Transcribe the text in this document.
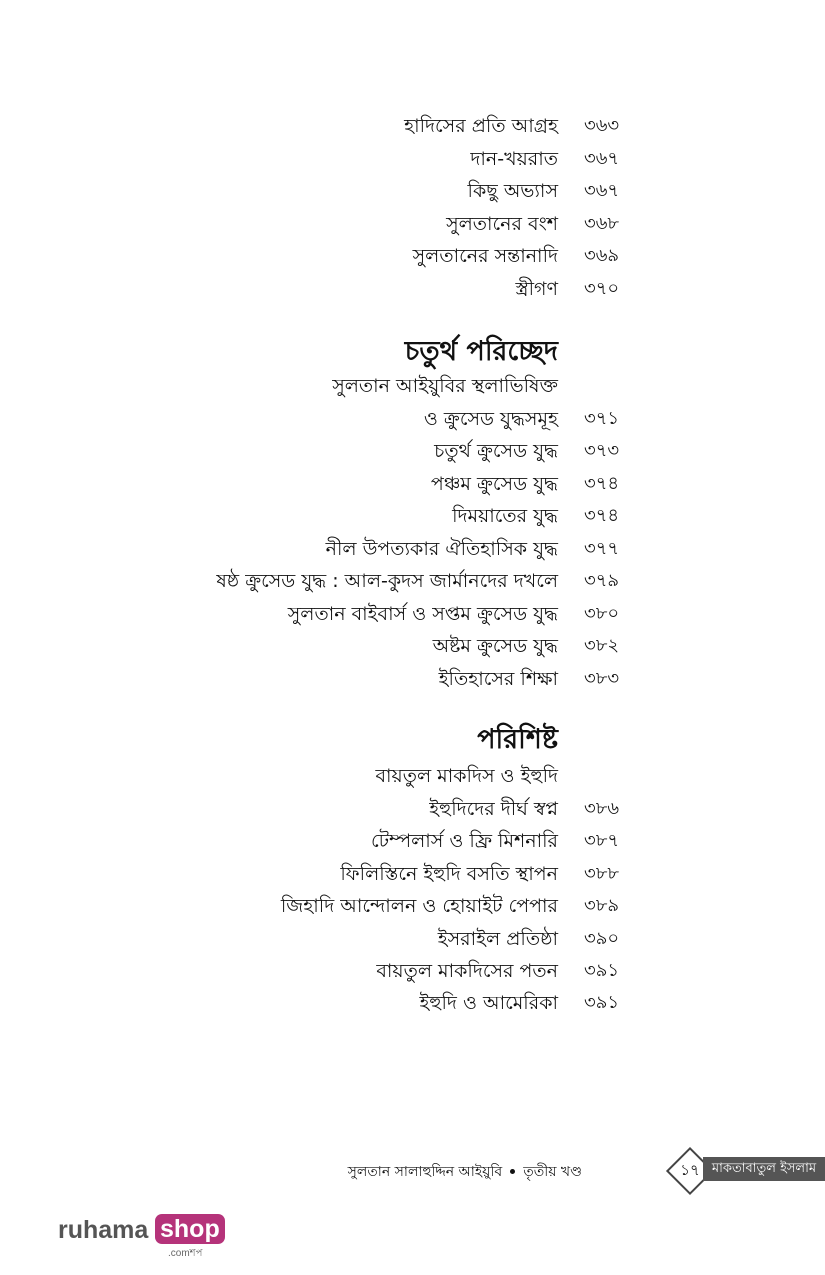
হাদিসের প্রতি আগ্রহ ৩৬৩
দান-খয়রাত ৩৬৭
কিছু অভ্যাস ৩৬৭
সুলতানের বংশ ৩৬৮
সুলতানের সন্তানাদি ৩৬৯
স্ত্রীগণ ৩৭০
চতুর্থ পরিচ্ছেদ
সুলতান আইয়ুবির স্থলাভিষিক্ত
ও ক্রুসেড যুদ্ধসমূহ ৩৭১
চতুর্থ ক্রুসেড যুদ্ধ ৩৭৩
পঞ্চম ক্রুসেড যুদ্ধ ৩৭৪
দিময়াতের যুদ্ধ ৩৭৪
নীল উপত্যকার ঐতিহাসিক যুদ্ধ ৩৭৭
ষষ্ঠ ক্রুসেড যুদ্ধ : আল-কুদস জার্মানদের দখলে ৩৭৯
সুলতান বাইবার্স ও সপ্তম ক্রুসেড যুদ্ধ ৩৮০
অষ্টম ক্রুসেড যুদ্ধ ৩৮২
ইতিহাসের শিক্ষা ৩৮৩
পরিশিষ্ট
বায়তুল মাকদিস ও ইহুদি
ইহুদিদের দীর্ঘ স্বপ্ন ৩৮৬
টেম্পলার্স ও ফ্রি মিশনারি ৩৮৭
ফিলিস্তিনে ইহুদি বসতি স্থাপন ৩৮৮
জিহাদি আন্দোলন ও হোয়াইট পেপার ৩৮৯
ইসরাইল প্রতিষ্ঠা ৩৯০
বায়তুল মাকদিসের পতন ৩৯১
ইহুদি ও আমেরিকা ৩৯১
সুলতান সালাহুদ্দিন আইয়ুবি তৃতীয় খণ্ড	১৭ মাকতাবাতুল ইসলাম
ruhama shop
.comশপ
